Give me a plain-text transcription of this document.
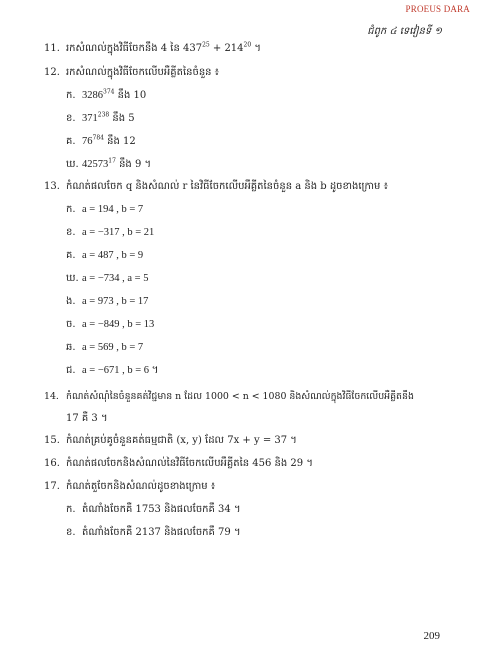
PROEUS DARA
ជំពូក ៤ ទេវៀនទី ១
11. រកសំណល់ក្នុងវិធីចែកនឹង 4 នៃ $437^{25} + 214^{20}$ ។
12. រកសំណល់ក្នុងវិធីចែកលើបអឺគ្លីតនៃចំនួន ៖
ក. 3286$^{374}$ នឹង 10
ខ. $371^{238}$ នឹង 5
គ. $76^{784}$ នឹង 12
ឃ. 42573$^{17}$ នឹង 9 ។
13. កំណត់ផលចែក q និងសំណល់ r នៃវិធីចែកលើបអឺគ្លីតនៃចំនួន a និង b ដូចខាងក្រោម ៖
ក. a = 194 , b = 7
ខ. a = −317 , b = 21
គ. a = 487 , b = 9
ឃ. a = −734 , a = 5
ង. a = 973 , b = 17
ច. a = −849 , b = 13
ឆ. a = 569 , b = 7
ជ. a = −671 , b = 6 ។
14. កំណត់សំណុំនៃចំនួនគត់វិជ្ជមាន n ដែល 1000 < n < 1080 និងសំណល់ក្នុងវិធីចែកលើបអឺគ្លីតនឹង
17 គឺ 3 ។
15. កំណត់គ្រប់គូចំនួនគត់ធម្មជាតិ (x, y) ដែល 7x + y = 37 ។
16. កំណត់ផលចែកនិងសំណល់នៃវិធីចែកលើបអឺគ្លីតនៃ 456 និង 29 ។
17. កំណត់តួចែកនិងសំណល់ដូចខាងក្រោម ៖
ក. តំណាំងចែកគឺ 1753 និងផលចែកគឺ 34 ។
ខ. តំណាំងចែកគឺ 2137 និងផលចែកគឺ 79 ។
209
